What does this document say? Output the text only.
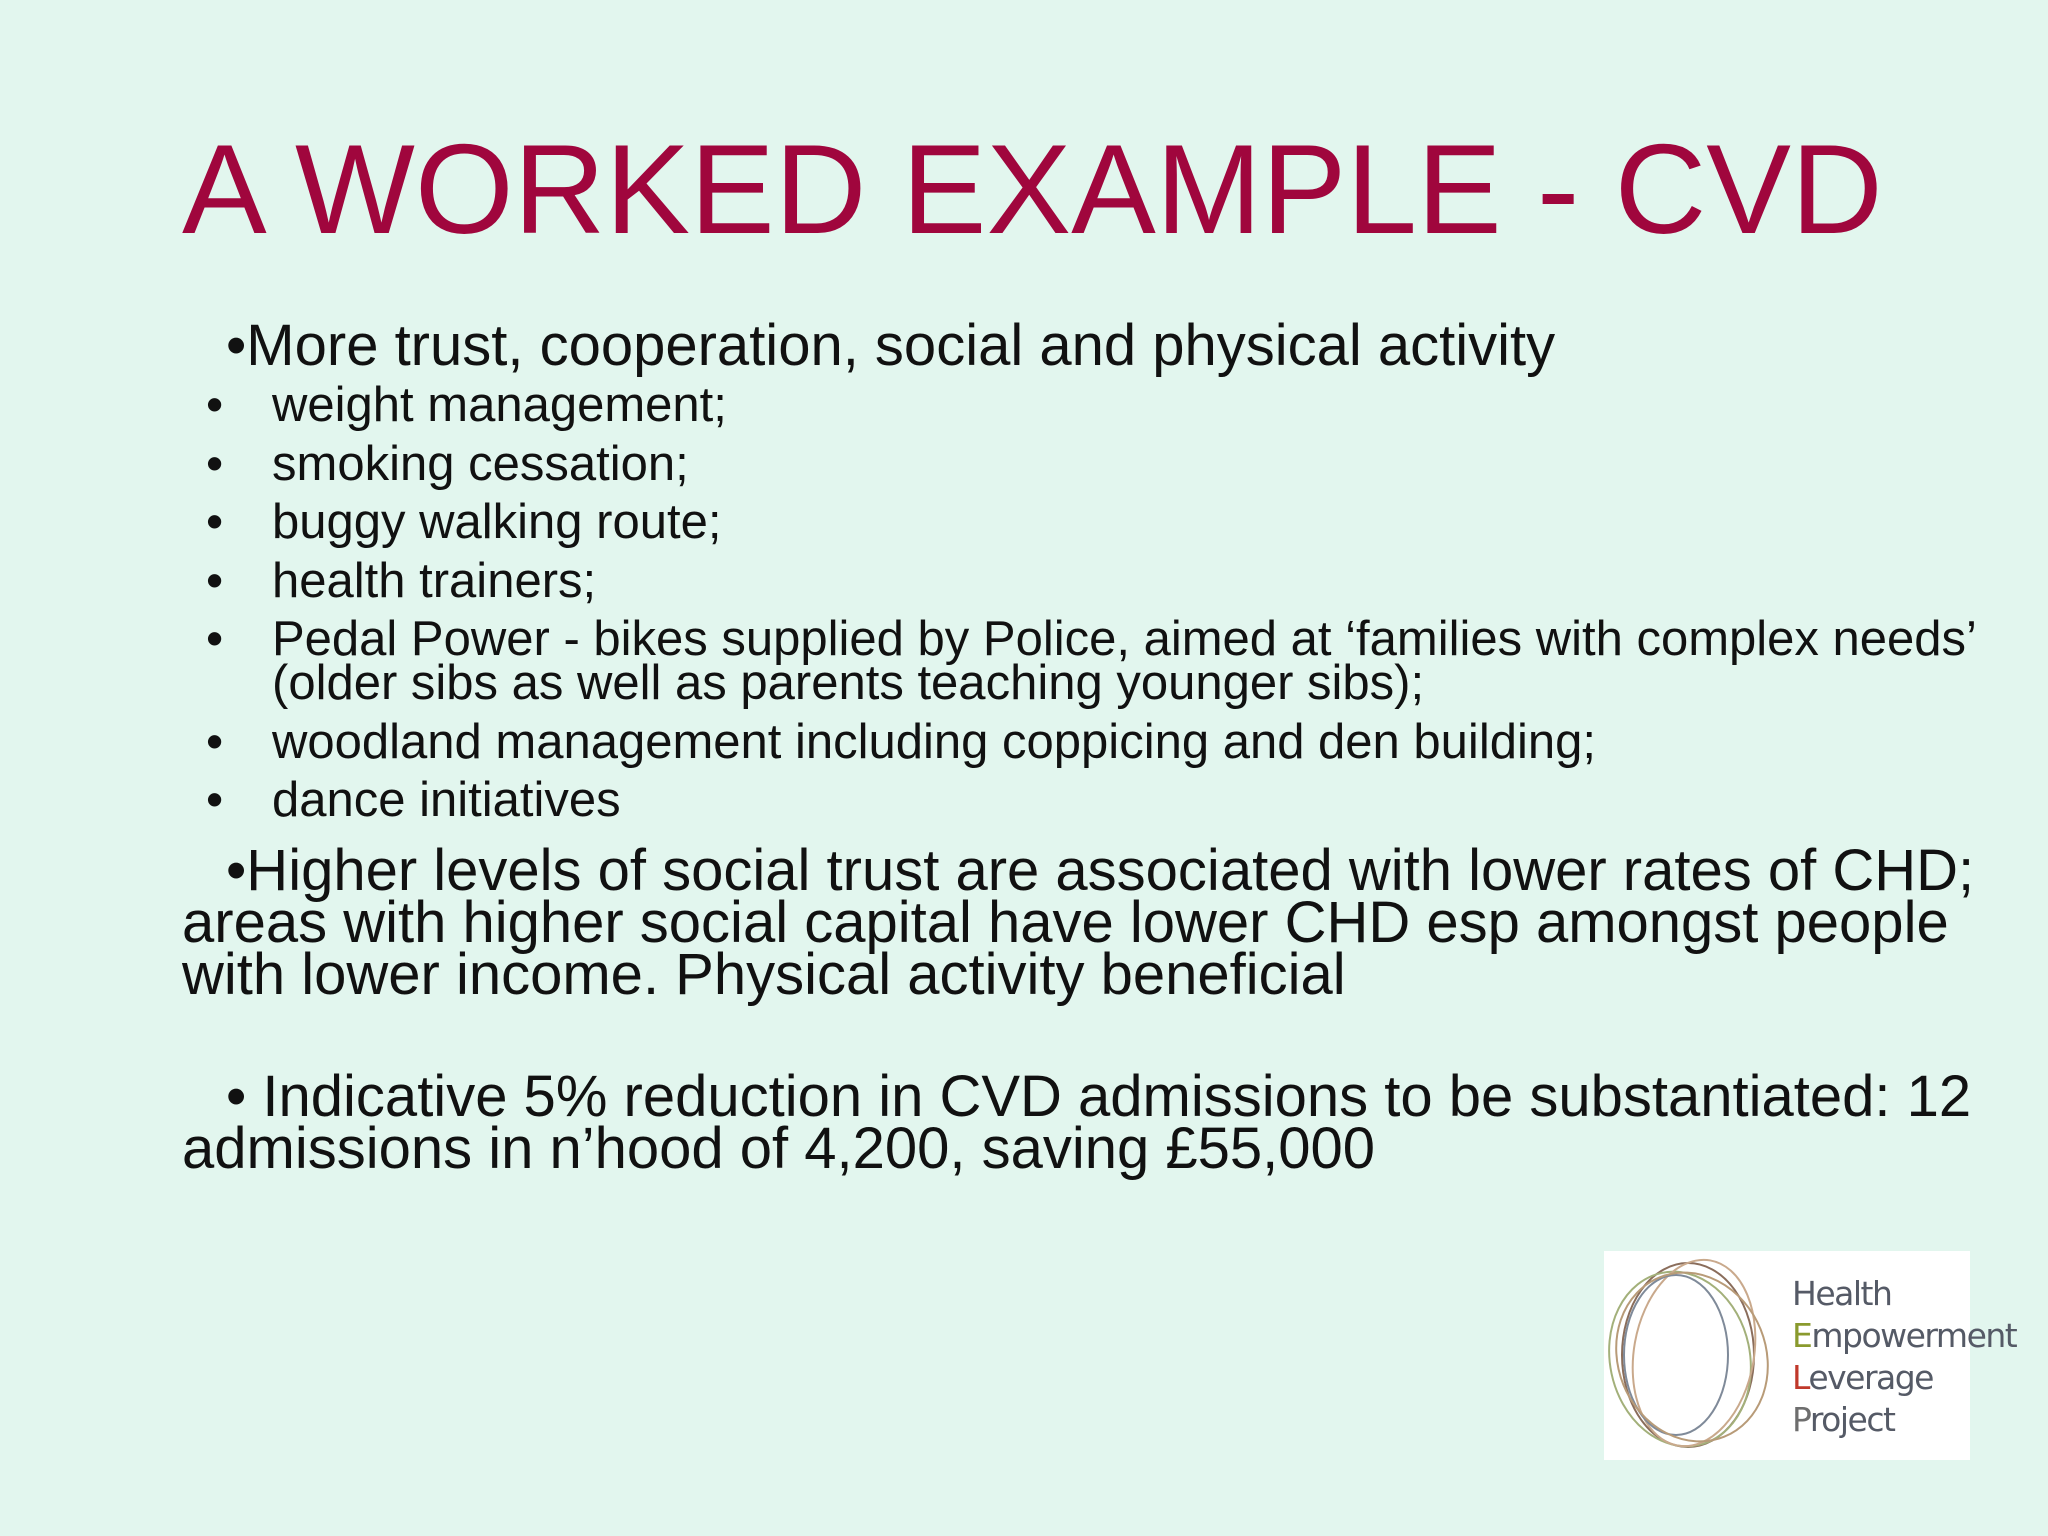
A WORKED EXAMPLE - CVD
•More trust, cooperation, social and physical activity
• weight management;
• smoking cessation;
• buggy walking route;
• health trainers;
• Pedal Power - bikes supplied by Police, aimed at ‘families with complex needs’ (older sibs as well as parents teaching younger sibs);
• woodland management including coppicing and den building;
• dance initiatives
•Higher levels of social trust are associated with lower rates of CHD; areas with higher social capital have lower CHD esp amongst people with lower income. Physical activity beneficial
• Indicative 5% reduction in CVD admissions to be substantiated: 12 admissions in n’hood of 4,200, saving £55,000
Health
Empowerment
Leverage
Project
